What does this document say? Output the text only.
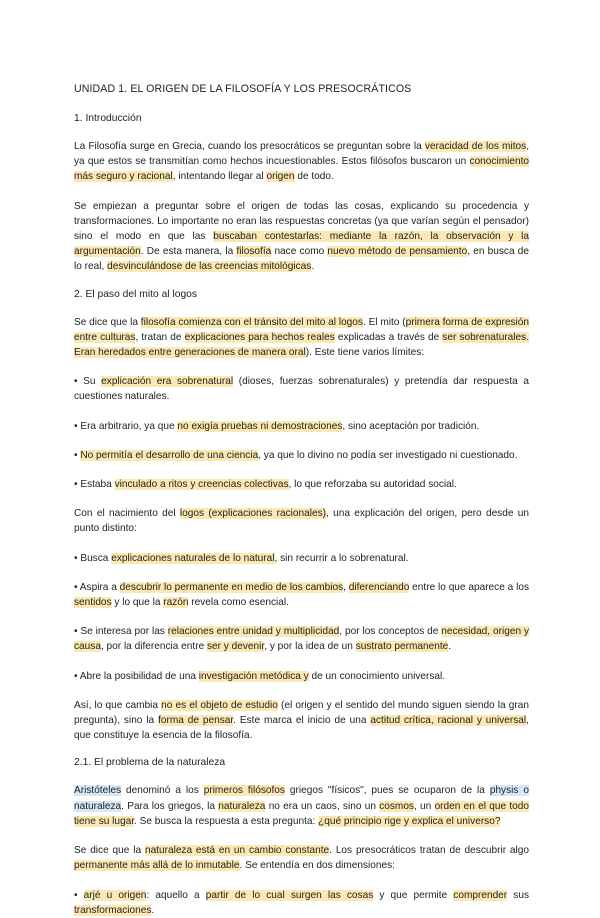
UNIDAD 1. EL ORIGEN DE LA FILOSOFÍA Y LOS PRESOCRÁTICOS
1. Introducción

La Filosofía surge en Grecia, cuando los presocráticos se preguntan sobre la veracidad de los mitos, ya que estos se transmitían como hechos incuestionables. Estos filósofos buscaron un conocimiento más seguro y racional, intentando llegar al origen de todo.

Se empiezan a preguntar sobre el origen de todas las cosas, explicando su procedencia y transformaciones. Lo importante no eran las respuestas concretas (ya que varían según el pensador) sino el modo en que las buscaban contestarlas: mediante la razón, la observación y la argumentación. De esta manera, la filosofía nace como nuevo método de pensamiento, en busca de lo real, desvinculándose de las creencias mitológicas.

2. El paso del mito al logos

Se dice que la filosofía comienza con el tránsito del mito al logos. El mito (primera forma de expresión entre culturas, tratan de explicaciones para hechos reales explicadas a través de ser sobrenaturales. Eran heredados entre generaciones de manera oral). Este tiene varios límites:

• Su explicación era sobrenatural (dioses, fuerzas sobrenaturales) y pretendía dar respuesta a cuestiones naturales.

• Era arbitrario, ya que no exigía pruebas ni demostraciones, sino aceptación por tradición.

• No permitía el desarrollo de una ciencia, ya que lo divino no podía ser investigado ni cuestionado.

• Estaba vinculado a ritos y creencias colectivas, lo que reforzaba su autoridad social.

Con el nacimiento del logos (explicaciones racionales), una explicación del origen, pero desde un punto distinto:

• Busca explicaciones naturales de lo natural, sin recurrir a lo sobrenatural.

• Aspira a descubrir lo permanente en medio de los cambios, diferenciando entre lo que aparece a los sentidos y lo que la razón revela como esencial.

• Se interesa por las relaciones entre unidad y multiplicidad, por los conceptos de necesidad, origen y causa, por la diferencia entre ser y devenir, y por la idea de un sustrato permanente.

• Abre la posibilidad de una investigación metódica y de un conocimiento universal.

Así, lo que cambia no es el objeto de estudio (el origen y el sentido del mundo siguen siendo la gran pregunta), sino la forma de pensar. Este marca el inicio de una actitud crítica, racional y universal, que constituye la esencia de la filosofía.

2.1. El problema de la naturaleza

Aristóteles denominó a los primeros filósofos griegos "físicos", pues se ocuparon de la physis o naturaleza. Para los griegos, la naturaleza no era un caos, sino un cosmos, un orden en el que todo tiene su lugar. Se busca la respuesta a esta pregunta: ¿qué principio rige y explica el universo?

Se dice que la naturaleza está en un cambio constante. Los presocráticos tratan de descubrir algo permanente más allá de lo inmutable. Se entendía en dos dimensiones:

• arjé u origen: aquello a partir de lo cual surgen las cosas y que permite comprender sus transformaciones.
